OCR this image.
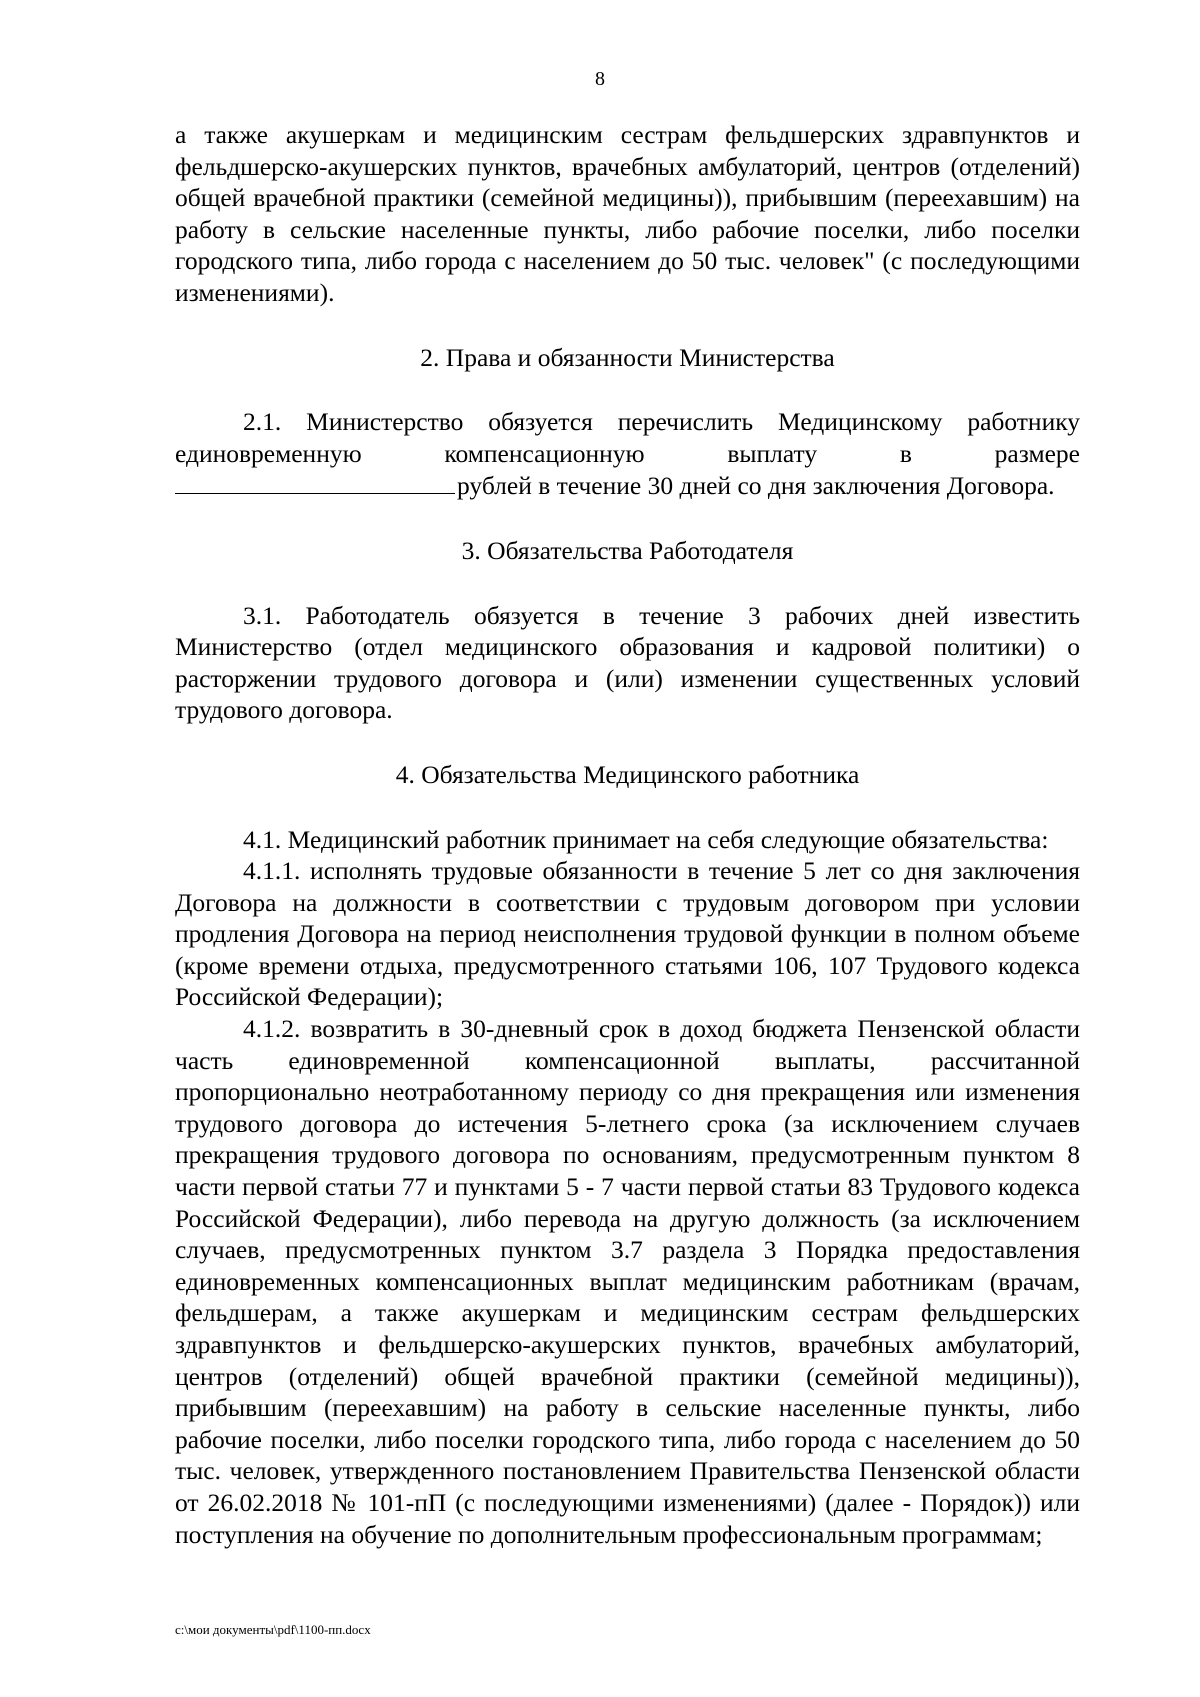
8

а также акушеркам и медицинским сестрам фельдшерских здравпунктов и фельдшерско-акушерских пунктов, врачебных амбулаторий, центров (отделений) общей врачебной практики (семейной медицины)), прибывшим (переехавшим) на работу в сельские населенные пункты, либо рабочие поселки, либо поселки городского типа, либо города с населением до 50 тыс. человек" (с последующими изменениями).

2. Права и обязанности Министерства

2.1. Министерство обязуется перечислить Медицинскому работнику

единовременную	компенсационную	выплату	в	размере

рублей в течение 30 дней со дня заключения Договора.

3. Обязательства Работодателя

3.1. Работодатель обязуется в течение 3 рабочих дней известить Министерство (отдел медицинского образования и кадровой политики) о расторжении трудового договора и (или) изменении существенных условий трудового договора.

4. Обязательства Медицинского работника

4.1. Медицинский работник принимает на себя следующие обязательства:

4.1.1. исполнять трудовые обязанности в течение 5 лет со дня заключения Договора на должности в соответствии с трудовым договором при условии продления Договора на период неисполнения трудовой функции в полном объеме (кроме времени отдыха, предусмотренного статьями 106, 107 Трудового кодекса Российской Федерации);

4.1.2. возвратить в 30-дневный срок в доход бюджета Пензенской области часть единовременной компенсационной выплаты, рассчитанной пропорционально неотработанному периоду со дня прекращения или изменения трудового договора до истечения 5-летнего срока (за исключением случаев прекращения трудового договора по основаниям, предусмотренным пунктом 8 части первой статьи 77 и пунктами 5 - 7 части первой статьи 83 Трудового кодекса Российской Федерации), либо перевода на другую должность (за исключением случаев, предусмотренных пунктом 3.7 раздела 3 Порядка предоставления единовременных компенсационных выплат медицинским работникам (врачам, фельдшерам, а также акушеркам и медицинским сестрам фельдшерских здравпунктов и фельдшерско-акушерских пунктов, врачебных амбулаторий, центров (отделений) общей врачебной практики (семейной медицины)), прибывшим (переехавшим) на работу в сельские населенные пункты, либо рабочие поселки, либо поселки городского типа, либо города с населением до 50 тыс. человек, утвержденного постановлением Правительства Пензенской области от 26.02.2018 № 101-пП (с последующими изменениями) (далее - Порядок)) или поступления на обучение по дополнительным профессиональным программам;

c:\мои документы\pdf\1100-пп.docx
